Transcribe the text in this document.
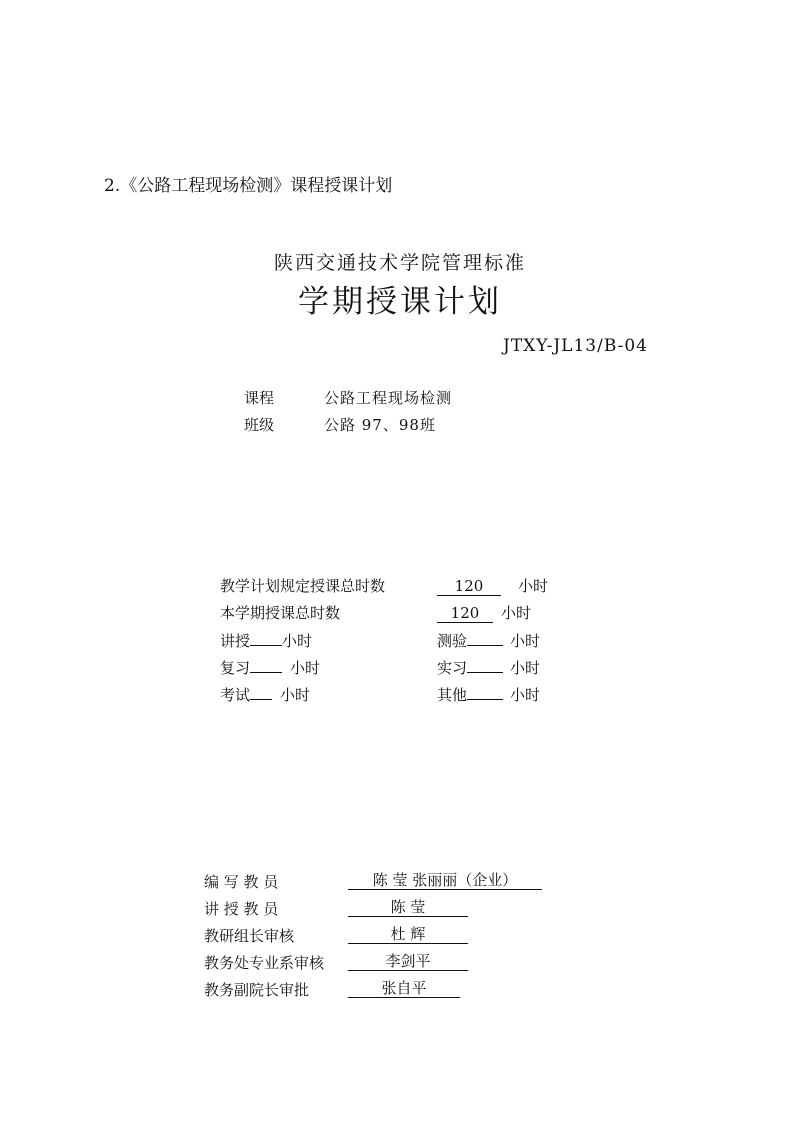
2.《公路工程现场检测》课程授课计划
陕西交通技术学院管理标准
学期授课计划
JTXY-JL13/B-04
课程	公路工程现场检测
班级	公路 97、98班
教学计划规定授课总时数	120 小时
本学期授课总时数	120 小时
讲授 小时	测验	小时
复习	小时	实习	小时
考试 小时	其他	小时
编 写 教 员	陈 莹 张丽丽（企业）
讲 授 教 员	陈 莹
教研组长审核	杜 辉
教务处专业系审核	李剑平
教务副院长审批	张自平
